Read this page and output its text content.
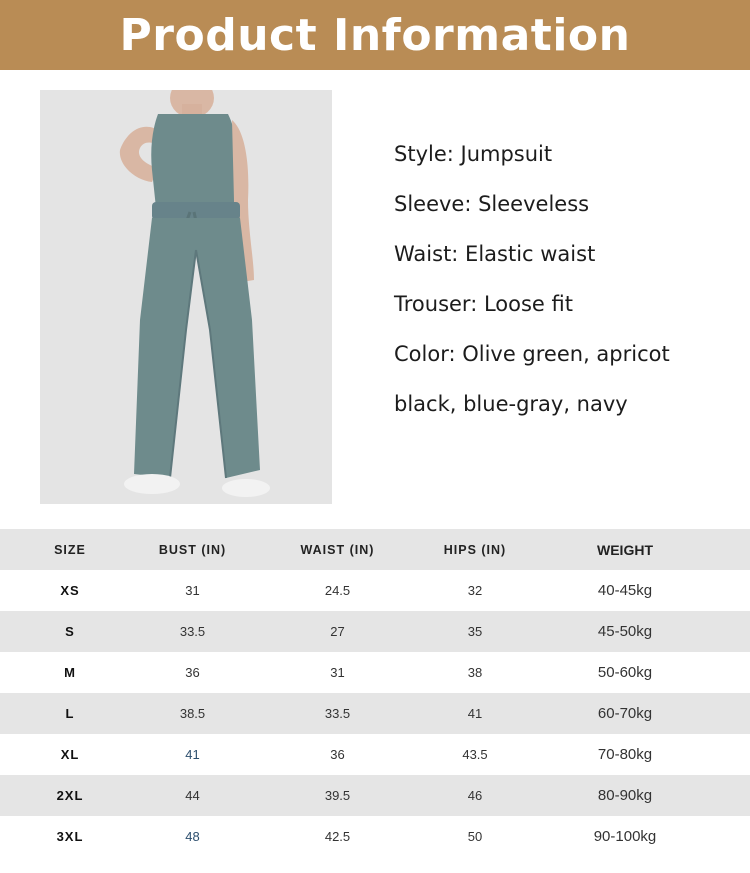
Product Information
Style: Jumpsuit
Sleeve: Sleeveless
Waist: Elastic waist
Trouser: Loose fit
Color: Olive green, apricot
black, blue-gray, navy
SIZE	BUST (IN)	WAIST (IN)	HIPS (IN)	WEIGHT
XS	31	24.5	32	40-45kg
S	33.5	27	35	45-50kg
M	36	31	38	50-60kg
L	38.5	33.5	41	60-70kg
XL	41	36	43.5	70-80kg
2XL	44	39.5	46	80-90kg
3XL	48	42.5	50	90-100kg
